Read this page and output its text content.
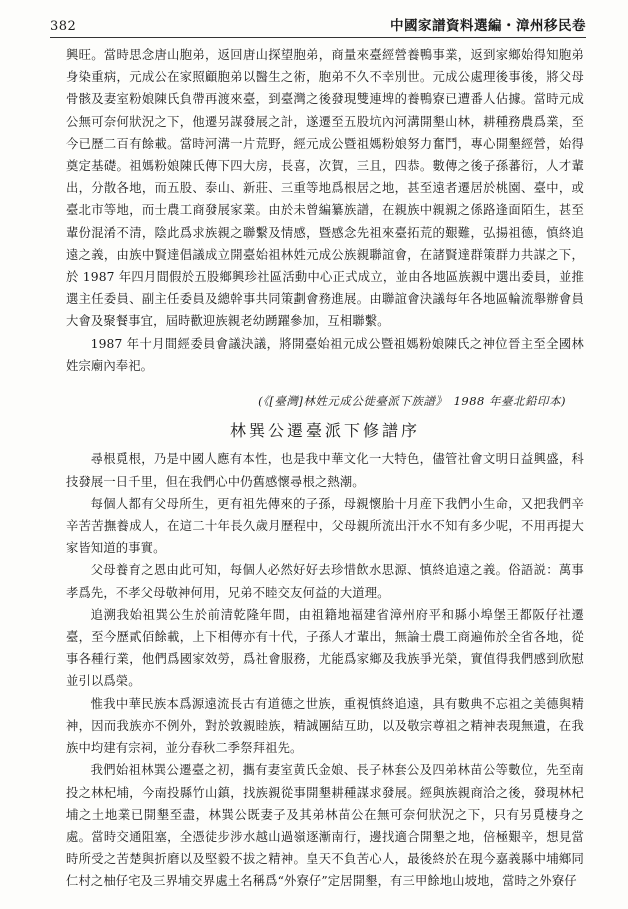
382	中國家譜資料選編・漳州移民卷

興旺。當時思念唐山胞弟，返回唐山探望胞弟，商量來臺經營養鴨事業，返到家鄉始得知胞弟身染重病，元成公在家照顧胞弟以醫生之術，胞弟不久不幸別世。元成公處理後事後，將父母骨骸及妻室粉娘陳氏負帶再渡來臺，到臺灣之後發現雙連埤的養鴨寮已遭番人佔據。當時元成公無可奈何狀況之下，他遷另謀發展之計，遂遷至五股坑內河溝開墾山林，耕種務農爲業，至今已歷二百有餘載。當時河溝一片荒野，經元成公暨祖媽粉娘努力奮鬥，專心開墾經營，始得奠定基礎。祖媽粉娘陳氏傳下四大房，長喜，次賀，三且，四恭。數傳之後子孫蕃衍，人才輩出，分散各地，而五股、泰山、新莊、三重等地爲根居之地，甚至遠者遷居於桃園、臺中，或臺北市等地，而士農工商發展家業。由於未曾編纂族譜，在親族中親親之係路逢面陌生，甚至輩份混淆不清，陰此爲求族親之聯繫及情感，暨感念先祖來臺拓荒的艱難，弘揚祖德，慎終追遠之義，由族中賢達倡議成立開臺始祖林姓元成公族親聯誼會，在諸賢達群策群力共謀之下，於 1987 年四月間假於五股鄉興珍社區活動中心正式成立，並由各地區族親中選出委員，並推選主任委員、副主任委員及總幹事共同策劃會務進展。由聯誼會決議每年各地區輪流舉辦會員大會及聚餐事宜，屆時歡迎族親老幼踴躍參加，互相聯繫。

1987 年十月間經委員會議決議，將開臺始祖元成公暨祖媽粉娘陳氏之神位晉主至全國林姓宗廟內奉祀。

(《[臺灣]林姓元成公徙臺派下族譜》　1988 年臺北鉛印本)
林巽公遷臺派下修譜序

尋根覓根，乃是中國人應有本性，也是我中華文化一大特色，儘管社會文明日益興盛，科技發展一日千里，但在我們心中仍舊感懷尋根之熱潮。

每個人都有父母所生，更有祖先傳來的子孫，母親懷胎十月産下我們小生命，又把我們辛辛苦苦撫養成人，在這二十年長久歲月歷程中，父母親所流出汗水不知有多少呢，不用再提大家皆知道的事實。

父母養育之恩由此可知，每個人必然好好去珍惜飲水思源、慎終追遠之義。俗語説：萬事孝爲先，不孝父母敬神何用，兄弟不睦交友何益的大道理。

追溯我始祖巽公生於前清乾隆年間，由祖籍地福建省漳州府平和縣小埠堡王都阪仔社遷臺，至今歷貳佰餘載，上下相傳亦有十代，子孫人才輩出，無論士農工商遍佈於全省各地，從事各種行業，他們爲國家效勞，爲社會服務，尤能爲家鄉及我族爭光榮，實值得我們感到欣慰並引以爲榮。

惟我中華民族本爲源遠流長古有道德之世族，重視慎終追遠，具有數典不忘祖之美德與精神，因而我族亦不例外，對於敦親睦族，精誠團結互助，以及敬宗尊祖之精神表現無遺，在我族中均建有宗祠，並分春秋二季祭拜祖先。

我們始祖林巽公遷臺之初，攜有妻室黄氏金娘、長子林套公及四弟林苗公等數位，先至南投之林杞埔，今南投縣竹山鎮，找族親從事開墾耕種謀求發展。經與族親商洽之後，發現林杞埔之土地業已開墾至盡，林巽公既妻子及其弟林苗公在無可奈何狀況之下，只有另覓棲身之處。當時交通阻塞，全憑徒步涉水越山過嶺逐漸南行，邊找適合開墾之地，倍極艱辛，想見當時所受之苦楚與折磨以及堅毅不拔之精神。皇天不負苦心人，最後終於在現今嘉義縣中埔鄉同仁村之柚仔宅及三界埔交界處土名稱爲“外寮仔”定居開墾，有三甲餘地山坡地，當時之外寮仔
